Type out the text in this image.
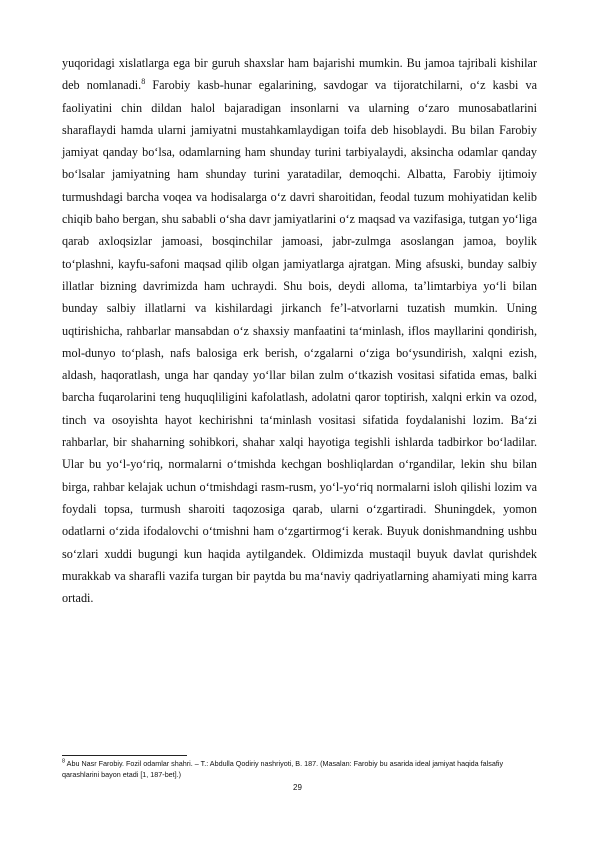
yuqoridagi xislatlarga ega bir guruh shaxslar ham bajarishi mumkin. Bu jamoa tajribali kishilar deb nomlanadi.$^8$ Farobiy kasb-hunar egalarining, savdogar va tijoratchilarni, o‘z kasbi va faoliyatini chin dildan halol bajaradigan insonlarni va ularning o‘zaro munosabatlarini sharaflaydi hamda ularni jamiyatni mustahkamlaydigan toifa deb hisoblaydi. Bu bilan Farobiy jamiyat qanday bo‘lsa, odamlarning ham shunday turini tarbiyalaydi, aksincha odamlar qanday bo‘lsalar jamiyatning ham shunday turini yaratadilar, demoqchi. Albatta, Farobiy ijtimoiy turmushdagi barcha voqea va hodisalarga o‘z davri sharoitidan, feodal tuzum mohiyatidan kelib chiqib baho bergan, shu sababli o‘sha davr jamiyatlarini o‘z maqsad va vazifasiga, tutgan yo‘liga qarab axloqsizlar jamoasi, bosqinchilar jamoasi, jabr-zulmga asoslangan jamoa, boylik to‘plashni, kayfu-safoni maqsad qilib olgan jamiyatlarga ajratgan. Ming afsuski, bunday salbiy illatlar bizning davrimizda ham uchraydi. Shu bois, deydi alloma, ta’limtarbiya yo‘li bilan bunday salbiy illatlarni va kishilardagi jirkanch fe’l-atvorlarni tuzatish mumkin. Uning uqtirishicha, rahbarlar mansabdan o‘z shaxsiy manfaatini ta‘minlash, iflos mayllarini qondirish, mol-dunyo to‘plash, nafs balosiga erk berish, o‘zgalarni o‘ziga bo‘ysundirish, xalqni ezish, aldash, haqoratlash, unga har qanday yo‘llar bilan zulm o‘tkazish vositasi sifatida emas, balki barcha fuqarolarini teng huquqliligini kafolatlash, adolatni qaror toptirish, xalqni erkin va ozod, tinch va osoyishta hayot kechirishni ta‘minlash vositasi sifatida foydalanishi lozim. Ba‘zi rahbarlar, bir shaharning sohibkori, shahar xalqi hayotiga tegishli ishlarda tadbirkor bo‘ladilar. Ular bu yo‘l-yo‘riq, normalarni o‘tmishda kechgan boshliqlardan o‘rgandilar, lekin shu bilan birga, rahbar kelajak uchun o‘tmishdagi rasm-rusm, yo‘l-yo‘riq normalarni isloh qilishi lozim va foydali topsa, turmush sharoiti taqozosiga qarab, ularni o‘zgartiradi. Shuningdek, yomon odatlarni o‘zida ifodalovchi o‘tmishni ham o‘zgartirmog‘i kerak. Buyuk donishmandning ushbu so‘zlari xuddi bugungi kun haqida aytilgandek. Oldimizda mustaqil buyuk davlat qurishdek murakkab va sharafli vazifa turgan bir paytda bu ma‘naviy qadriyatlarning ahamiyati ming karra ortadi.

$^8$ Abu Nasr Farobiy. Fozil odamlar shahri. – T.: Abdulla Qodiriy nashriyoti, B. 187. (Masalan: Farobiy bu asarida ideal jamiyat haqida falsafiy qarashlarini bayon etadi [1, 187-bet].)
29
